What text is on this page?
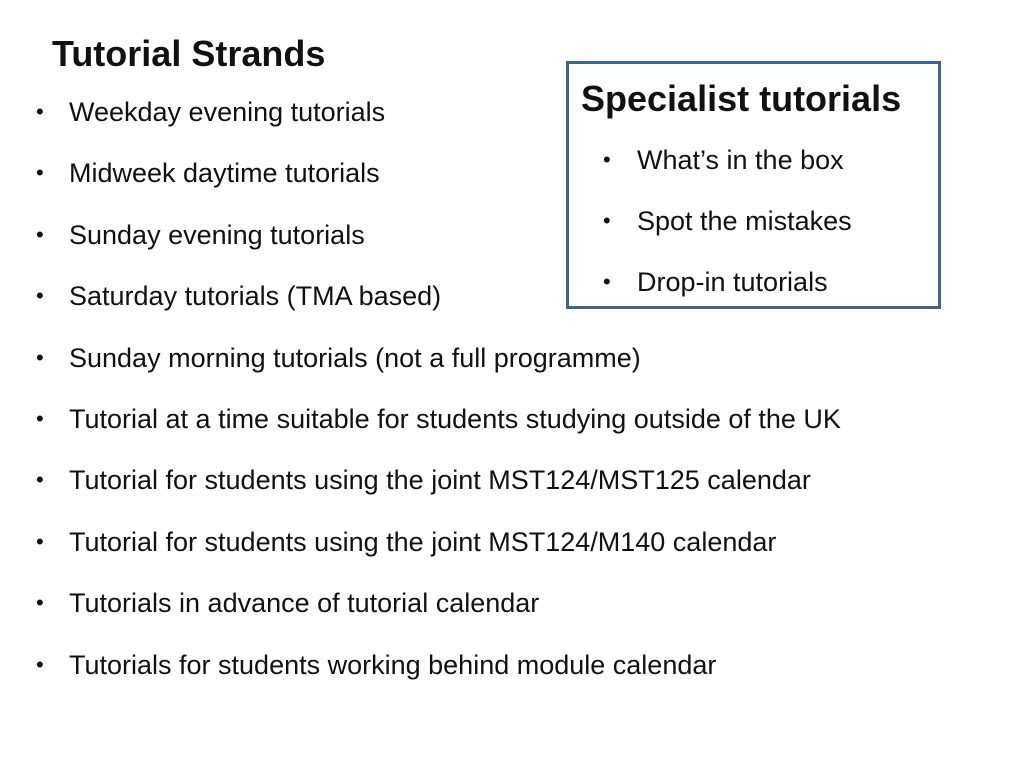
Tutorial Strands
• Weekday evening tutorials
• Midweek daytime tutorials
• Sunday evening tutorials
• Saturday tutorials (TMA based)
• Sunday morning tutorials (not a full programme)
• Tutorial at a time suitable for students studying outside of the UK
• Tutorial for students using the joint MST124/MST125 calendar
• Tutorial for students using the joint MST124/M140 calendar
• Tutorials in advance of tutorial calendar
• Tutorials for students working behind module calendar
Specialist tutorials
• What’s in the box
• Spot the mistakes
• Drop-in tutorials
